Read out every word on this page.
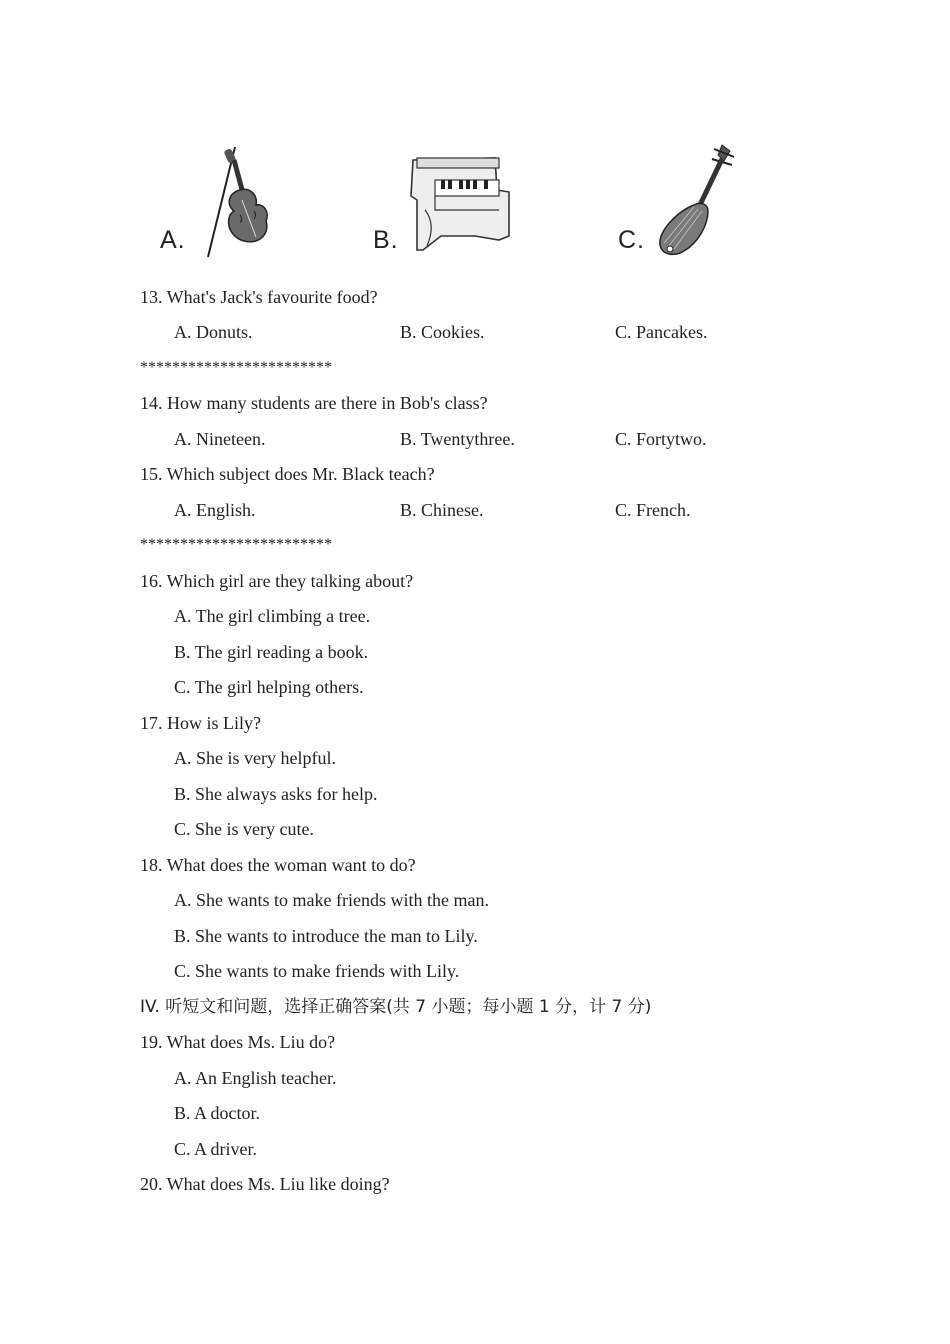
A.	B.	C.
13. What's Jack's favourite food?
A. Donuts.	B. Cookies.	C. Pancakes.
************************
14. How many students are there in Bob's class?
A. Nineteen.	B. Twentythree.	C. Fortytwo.
15. Which subject does Mr. Black teach?
A. English.	B. Chinese.	C. French.
************************
16. Which girl are they talking about?
A. The girl climbing a tree.
B. The girl reading a book.
C. The girl helping others.
17. How is Lily?
A. She is very helpful.
B. She always asks for help.
C. She is very cute.
18. What does the woman want to do?
A. She wants to make friends with the man.
B. She wants to introduce the man to Lily.
C. She wants to make friends with Lily.
IV. 听短文和问题，选择正确答案(共 7 小题；每小题 1 分，计 7 分)
19. What does Ms. Liu do?
A. An English teacher.
B. A doctor.
C. A driver.
20. What does Ms. Liu like doing?
